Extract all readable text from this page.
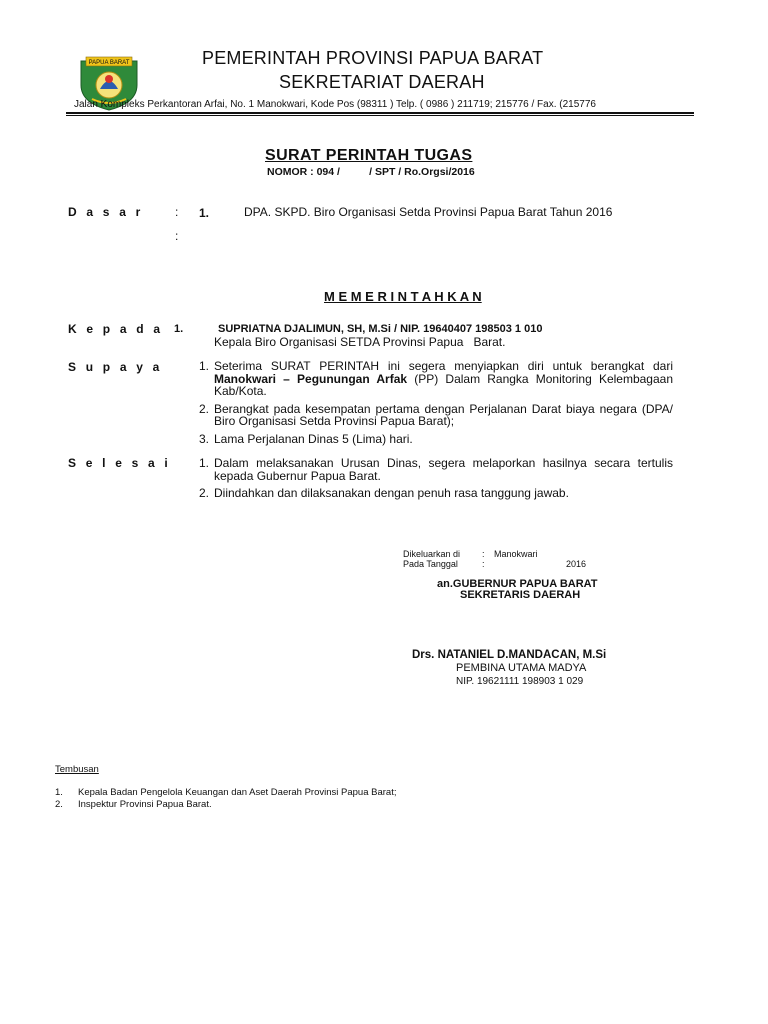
PAPUA BARAT	PEMERINTAH PROVINSI PAPUA BARAT
SEKRETARIAT DAERAH
Jalan Kompleks Perkantoran Arfai, No. 1 Manokwari, Kode Pos (98311 ) Telp. ( 0986 ) 211719; 215776 / Fax. (215776
SURAT PERINTAH TUGAS
NOMOR : 094 /          / SPT / Ro.Orgsi/2016
D a s a r	: 1.	DPA. SKPD. Biro Organisasi Setda Provinsi Papua Barat Tahun 2016
:
M E M E R I N T A H K A N
K e p a d a 1.	SUPRIATNA DJALIMUN, SH, M.Si / NIP. 19640407 198503 1 010
Kepala Biro Organisasi SETDA Provinsi Papua   Barat.
S u p a y a	1. Seterima SURAT PERINTAH ini segera menyiapkan diri untuk berangkat dari Manokwari – Pegunungan Arfak (PP) Dalam Rangka Monitoring Kelembagaan Kab/Kota.
2. Berangkat pada kesempatan pertama dengan Perjalanan Darat biaya negara (DPA/ Biro Organisasi Setda Provinsi Papua Barat);
3. Lama Perjalanan Dinas 5 (Lima) hari.
S e l e s a i 1. Dalam melaksanakan Urusan Dinas, segera melaporkan hasilnya secara tertulis kepada Gubernur Papua Barat.
2. Diindahkan dan dilaksanakan dengan penuh rasa tanggung jawab.
Dikeluarkan di : Manokwari
Pada Tanggal	:	2016
an.GUBERNUR PAPUA BARAT
SEKRETARIS DAERAH
Drs. NATANIEL D.MANDACAN, M.Si
PEMBINA UTAMA MADYA
NIP. 19621111 198903 1 029
Tembusan
1. Kepala Badan Pengelola Keuangan dan Aset Daerah Provinsi Papua Barat;
2. Inspektur Provinsi Papua Barat.
